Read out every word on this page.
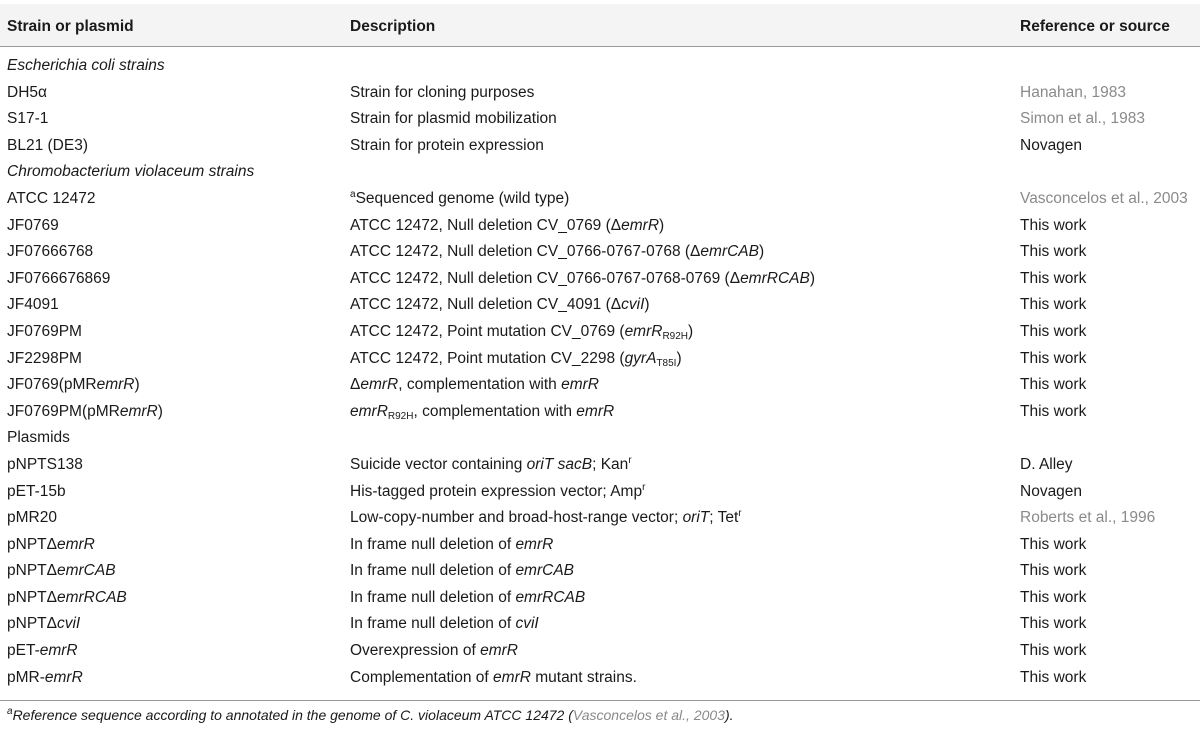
Strain or plasmid	Description	Reference or source
Escherichia coli strains
DH5α	Strain for cloning purposes	Hanahan, 1983
S17-1	Strain for plasmid mobilization	Simon et al., 1983
BL21 (DE3)	Strain for protein expression	Novagen
Chromobacterium violaceum strains
ATCC 12472	$^a$Sequenced genome (wild type)	Vasconcelos et al., 2003
JF0769	ATCC 12472, Null deletion CV_0769 (ΔemrR)	This work
JF07666768	ATCC 12472, Null deletion CV_0766-0767-0768 (ΔemrCAB)	This work
JF0766676869	ATCC 12472, Null deletion CV_0766-0767-0768-0769 (ΔemrRCAB)	This work
JF4091	ATCC 12472, Null deletion CV_4091 (ΔcviI)	This work
JF0769PM	ATCC 12472, Point mutation CV_0769 (emrR$_{R92H}$)	This work
JF2298PM	ATCC 12472, Point mutation CV_2298 (gyrA$_{T85I}$)	This work
JF0769(pMRemrR)	ΔemrR, complementation with emrR	This work
JF0769PM(pMRemrR)	emrR$_{R92H}$, complementation with emrR	This work
Plasmids
pNPTS138	Suicide vector containing oriT sacB; Kan$^r$	D. Alley
pET-15b	His-tagged protein expression vector; Amp$^r$	Novagen
pMR20	Low-copy-number and broad-host-range vector; oriT; Tet$^r$	Roberts et al., 1996
pNPTΔemrR	In frame null deletion of emrR	This work
pNPTΔemrCAB	In frame null deletion of emrCAB	This work
pNPTΔemrRCAB	In frame null deletion of emrRCAB	This work
pNPTΔcviI	In frame null deletion of cviI	This work
pET-emrR	Overexpression of emrR	This work
pMR-emrR	Complementation of emrR mutant strains.	This work
$^a$Reference sequence according to annotated in the genome of C. violaceum ATCC 12472 (Vasconcelos et al., 2003).
